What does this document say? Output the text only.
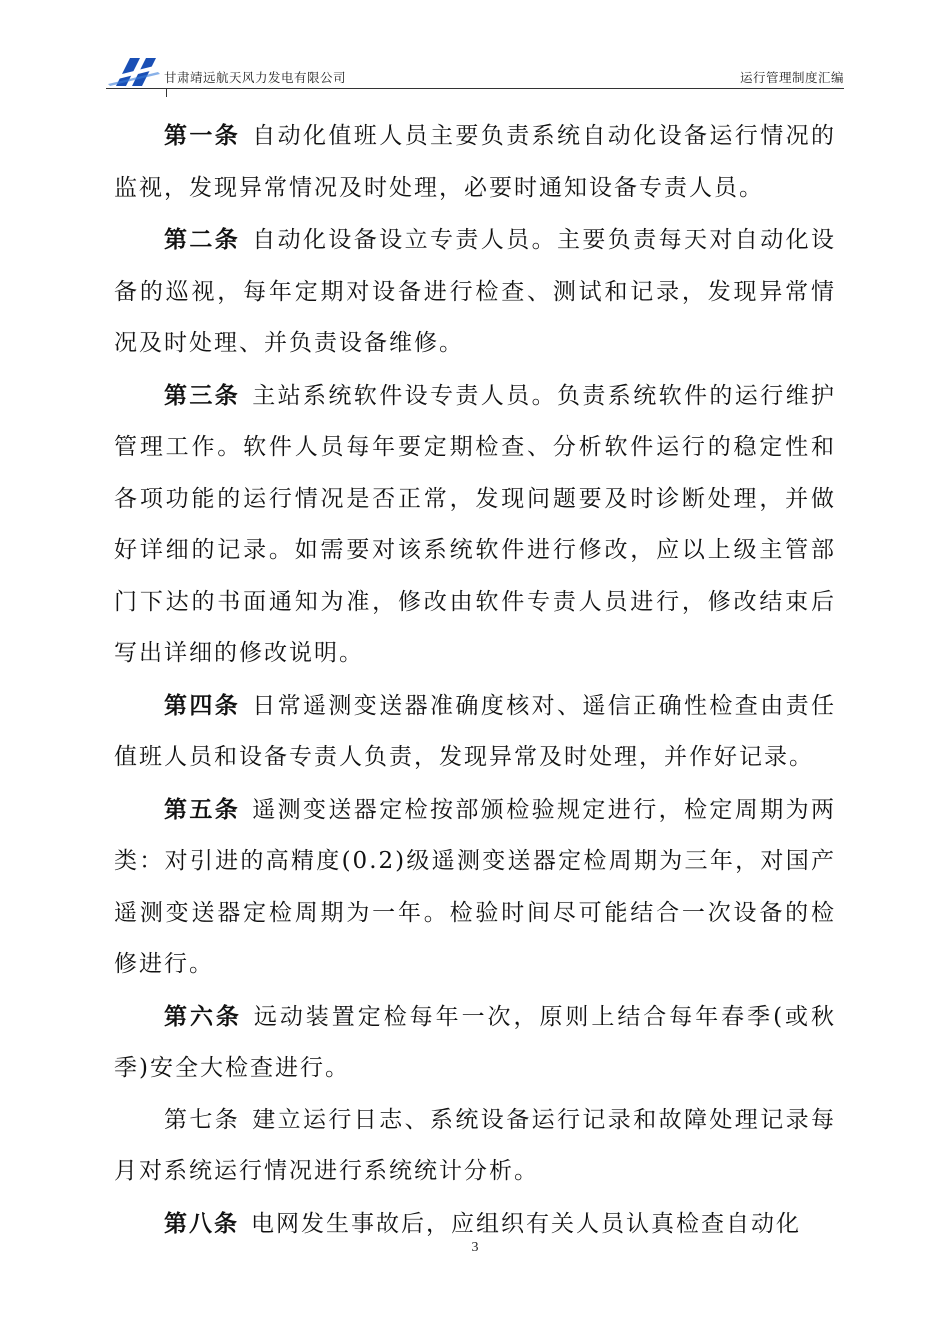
甘肃靖远航天风力发电有限公司	运行管理制度汇编

第一条 自动化值班人员主要负责系统自动化设备运行情况的监视，发现异常情况及时处理，必要时通知设备专责人员。

第二条 自动化设备设立专责人员。主要负责每天对自动化设备的巡视，每年定期对设备进行检查、测试和记录，发现异常情况及时处理、并负责设备维修。

第三条 主站系统软件设专责人员。负责系统软件的运行维护管理工作。软件人员每年要定期检查、分析软件运行的稳定性和各项功能的运行情况是否正常，发现问题要及时诊断处理，并做好详细的记录。如需要对该系统软件进行修改，应以上级主管部门下达的书面通知为准，修改由软件专责人员进行，修改结束后写出详细的修改说明。

第四条 日常遥测变送器准确度核对、遥信正确性检查由责任值班人员和设备专责人负责，发现异常及时处理，并作好记录。

第五条 遥测变送器定检按部颁检验规定进行，检定周期为两类：对引进的高精度(0.2)级遥测变送器定检周期为三年，对国产遥测变送器定检周期为一年。检验时间尽可能结合一次设备的检修进行。

第六条 远动装置定检每年一次，原则上结合每年春季(或秋季)安全大检查进行。

第七条 建立运行日志、系统设备运行记录和故障处理记录每月对系统运行情况进行系统统计分析。

第八条 电网发生事故后，应组织有关人员认真检查自动化

3
